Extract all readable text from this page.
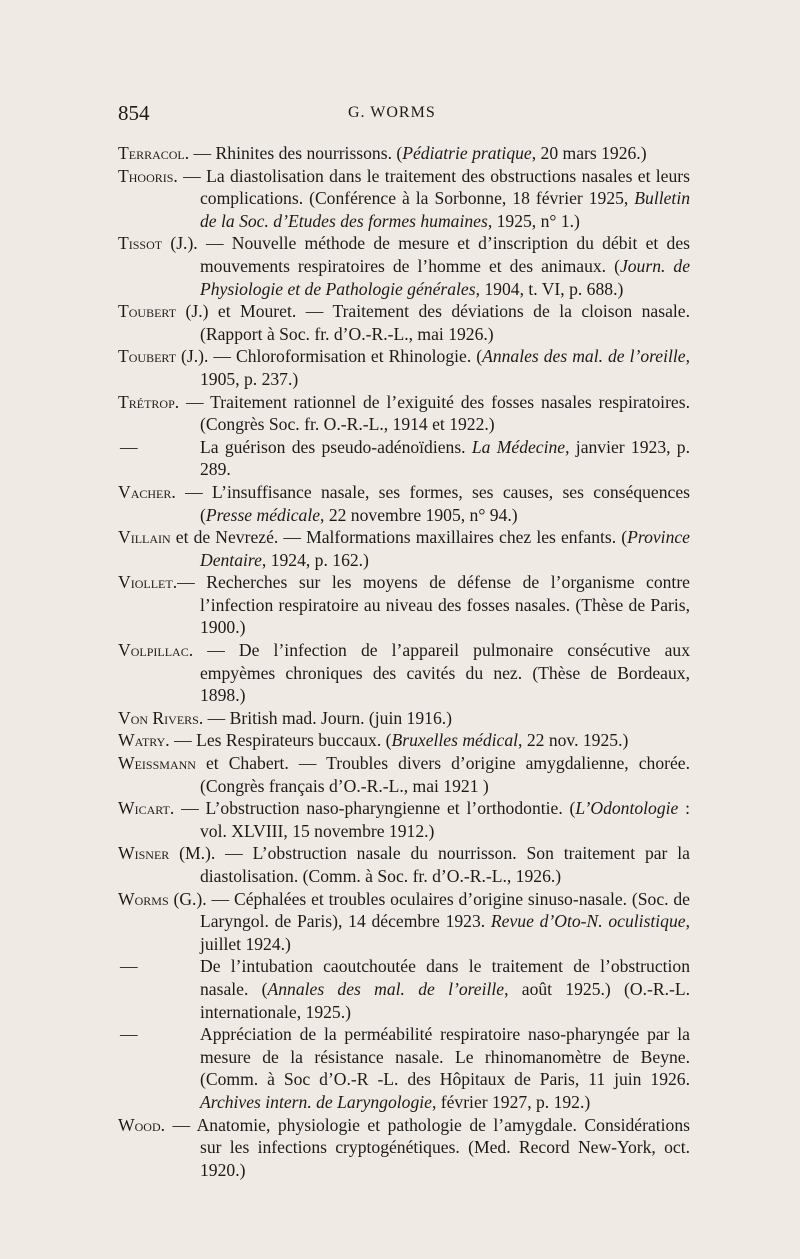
854	G. WORMS
Terracol. — Rhinites des nourrissons. (Pédiatrie pratique, 20 mars 1926.)
Thooris. — La diastolisation dans le traitement des obstructions nasales et leurs complications. (Conférence à la Sorbonne, 18 février 1925, Bulletin de la Soc. d’Etudes des formes humaines, 1925, n° 1.)
Tissot (J.). — Nouvelle méthode de mesure et d’inscription du débit et des mouvements respiratoires de l’homme et des animaux. (Journ. de Physiologie et de Pathologie générales, 1904, t. VI, p. 688.)
Toubert (J.) et Mouret. — Traitement des déviations de la cloison nasale. (Rapport à Soc. fr. d’O.-R.-L., mai 1926.)
Toubert (J.). — Chloroformisation et Rhinologie. (Annales des mal. de l’oreille, 1905, p. 237.)
Trétrop. — Traitement rationnel de l’exiguité des fosses nasales respiratoires. (Congrès Soc. fr. O.-R.-L., 1914 et 1922.)
—	La guérison des pseudo-adénoïdiens. La Médecine, janvier 1923, p. 289.
Vacher. — L’insuffisance nasale, ses formes, ses causes, ses conséquences (Presse médicale, 22 novembre 1905, n° 94.)
Villain et de Nevrezé. — Malformations maxillaires chez les enfants. (Province Dentaire, 1924, p. 162.)
Viollet.— Recherches sur les moyens de défense de l’organisme contre l’infection respiratoire au niveau des fosses nasales. (Thèse de Paris, 1900.)
Volpillac. — De l’infection de l’appareil pulmonaire consécutive aux empyèmes chroniques des cavités du nez. (Thèse de Bordeaux, 1898.)
Von Rivers. — British mad. Journ. (juin 1916.)
Watry. — Les Respirateurs buccaux. (Bruxelles médical, 22 nov. 1925.)
Weissmann et Chabert. — Troubles divers d’origine amygdalienne, chorée. (Congrès français d’O.-R.-L., mai 1921 )
Wicart. — L’obstruction naso-pharyngienne et l’orthodontie. (L’Odontologie : vol. XLVIII, 15 novembre 1912.)
Wisner (M.). — L’obstruction nasale du nourrisson. Son traitement par la diastolisation. (Comm. à Soc. fr. d’O.-R.-L., 1926.)
Worms (G.). — Céphalées et troubles oculaires d’origine sinuso-nasale. (Soc. de Laryngol. de Paris), 14 décembre 1923. Revue d’Oto-N. oculistique, juillet 1924.)
—	De l’intubation caoutchoutée dans le traitement de l’obstruction nasale. (Annales des mal. de l’oreille, août 1925.) (O.-R.-L. internationale, 1925.)
—	Appréciation de la perméabilité respiratoire naso-pharyngée par la mesure de la résistance nasale. Le rhinomanomètre de Beyne. (Comm. à Soc d’O.-R -L. des Hôpitaux de Paris, 11 juin 1926. Archives intern. de Laryngologie, février 1927, p. 192.)
Wood. — Anatomie, physiologie et pathologie de l’amygdale. Considérations sur les infections cryptogénétiques. (Med. Record New-York, oct. 1920.)
